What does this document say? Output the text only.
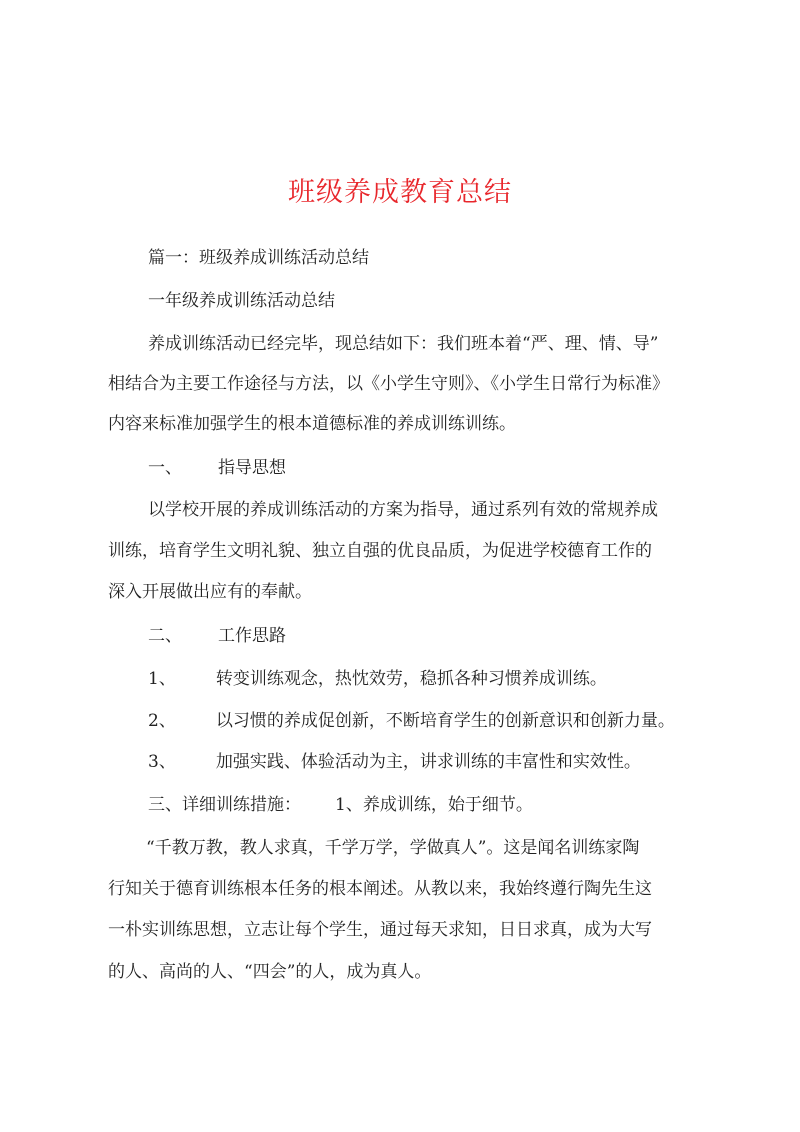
班级养成教育总结
篇一：班级养成训练活动总结
一年级养成训练活动总结
养成训练活动已经完毕，现总结如下：我们班本着“严、理、情、导”
相结合为主要工作途径与方法，以《小学生守则》、《小学生日常行为标准》
内容来标准加强学生的根本道德标准的养成训练训练。
一、 指导思想
以学校开展的养成训练活动的方案为指导，通过系列有效的常规养成
训练，培育学生文明礼貌、独立自强的优良品质，为促进学校德育工作的
深入开展做出应有的奉献。
二、 工作思路
1、 转变训练观念，热忱效劳，稳抓各种习惯养成训练。
2、 以习惯的养成促创新，不断培育学生的创新意识和创新力量。
3、 加强实践、体验活动为主，讲求训练的丰富性和实效性。
三、详细训练措施： 1、养成训练，始于细节。
“千教万教，教人求真，千学万学，学做真人”。这是闻名训练家陶
行知关于德育训练根本任务的根本阐述。从教以来，我始终遵行陶先生这
一朴实训练思想，立志让每个学生，通过每天求知，日日求真，成为大写
的人、高尚的人、“四会”的人，成为真人。
